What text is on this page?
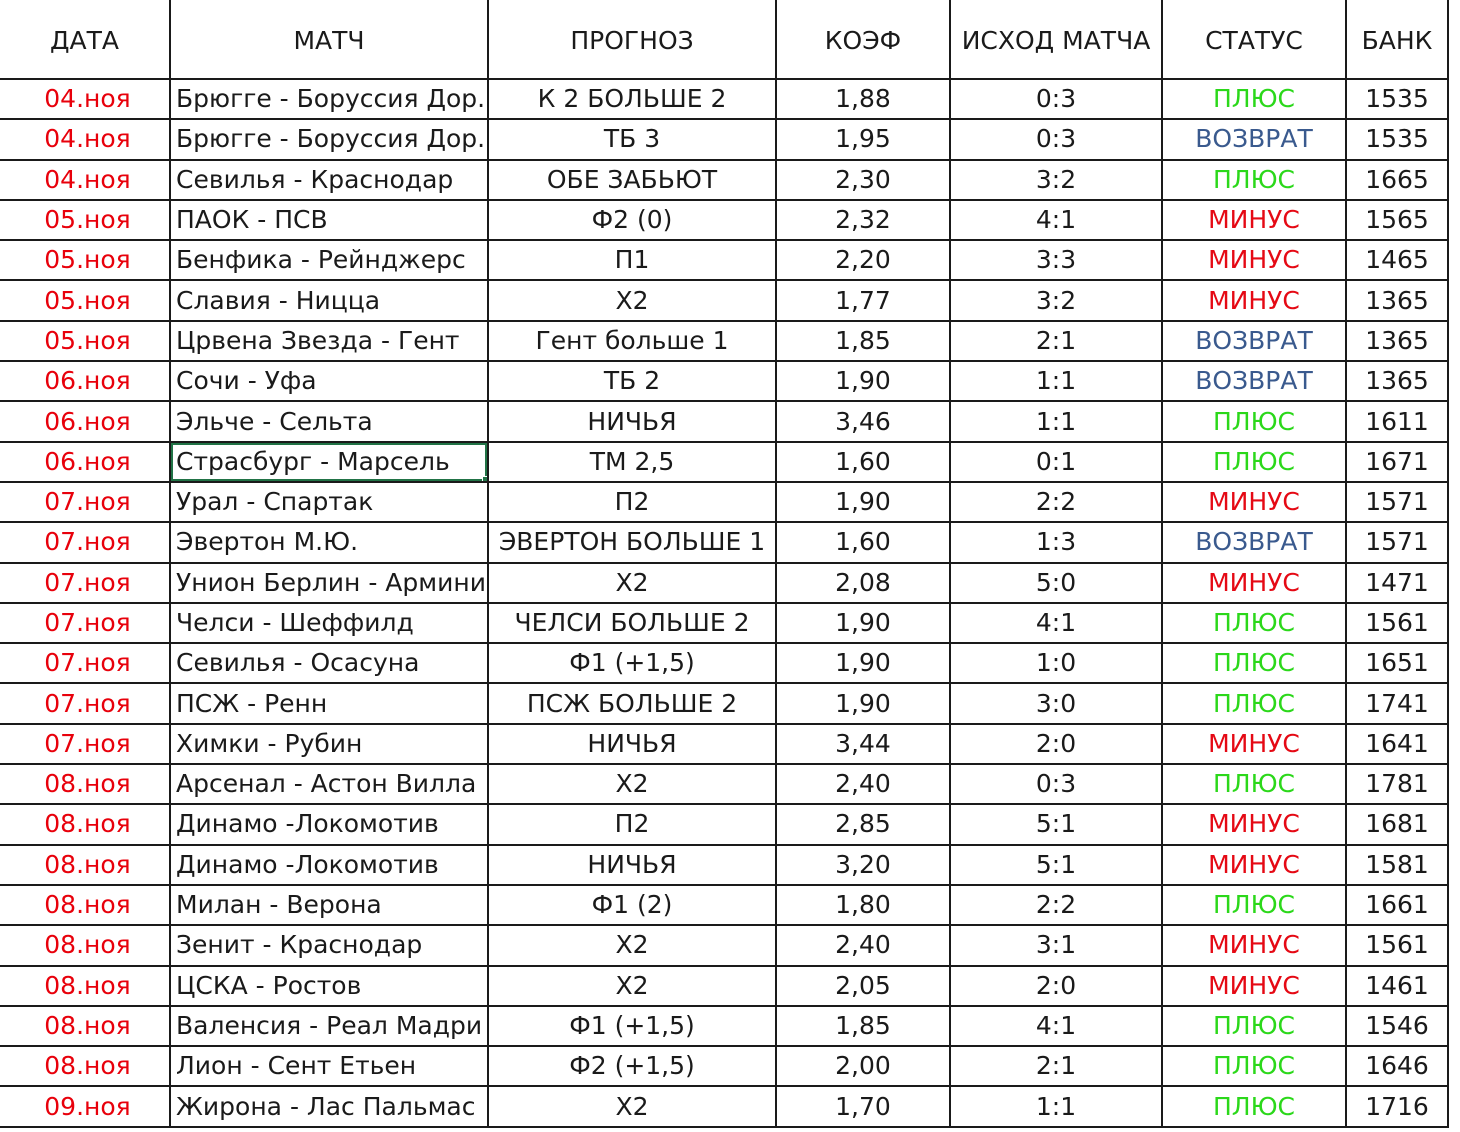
ДАТА	МАТЧ	ПРОГНОЗ	КОЭФ	ИСХОД МАТЧА	СТАТУС	БАНК
04.ноя	Брюгге - Боруссия Дор.	К 2 БОЛЬШЕ 2	1,88	0:3	ПЛЮС	1535
04.ноя	Брюгге - Боруссия Дор.	ТБ 3	1,95	0:3	ВОЗВРАТ	1535
04.ноя	Севилья - Краснодар	ОБЕ ЗАБЬЮТ	2,30	3:2	ПЛЮС	1665
05.ноя	ПАОК - ПСВ	Ф2 (0)	2,32	4:1	МИНУС	1565
05.ноя	Бенфика - Рейнджерс	П1	2,20	3:3	МИНУС	1465
05.ноя	Славия - Ницца	Х2	1,77	3:2	МИНУС	1365
05.ноя	Црвена Звезда - Гент	Гент больше 1	1,85	2:1	ВОЗВРАТ	1365
06.ноя	Сочи - Уфа	ТБ 2	1,90	1:1	ВОЗВРАТ	1365
06.ноя	Эльче - Сельта	НИЧЬЯ	3,46	1:1	ПЛЮС	1611
06.ноя	Страсбург - Марсель	ТМ 2,5	1,60	0:1	ПЛЮС	1671
07.ноя	Урал - Спартак	П2	1,90	2:2	МИНУС	1571
07.ноя	Эвертон М.Ю.	ЭВЕРТОН БОЛЬШЕ 1	1,60	1:3	ВОЗВРАТ	1571
07.ноя	Унион Берлин - Армини	Х2	2,08	5:0	МИНУС	1471
07.ноя	Челси - Шеффилд	ЧЕЛСИ БОЛЬШЕ 2	1,90	4:1	ПЛЮС	1561
07.ноя	Севилья - Осасуна	Ф1 (+1,5)	1,90	1:0	ПЛЮС	1651
07.ноя	ПСЖ - Ренн	ПСЖ БОЛЬШЕ 2	1,90	3:0	ПЛЮС	1741
07.ноя	Химки - Рубин	НИЧЬЯ	3,44	2:0	МИНУС	1641
08.ноя	Арсенал - Астон Вилла	Х2	2,40	0:3	ПЛЮС	1781
08.ноя	Динамо -Локомотив	П2	2,85	5:1	МИНУС	1681
08.ноя	Динамо -Локомотив	НИЧЬЯ	3,20	5:1	МИНУС	1581
08.ноя	Милан - Верона	Ф1 (2)	1,80	2:2	ПЛЮС	1661
08.ноя	Зенит - Краснодар	Х2	2,40	3:1	МИНУС	1561
08.ноя	ЦСКА - Ростов	Х2	2,05	2:0	МИНУС	1461
08.ноя	Валенсия - Реал Мадри	Ф1 (+1,5)	1,85	4:1	ПЛЮС	1546
08.ноя	Лион - Сент Етьен	Ф2 (+1,5)	2,00	2:1	ПЛЮС	1646
09.ноя	Жирона - Лас Пальмас	Х2	1,70	1:1	ПЛЮС	1716
